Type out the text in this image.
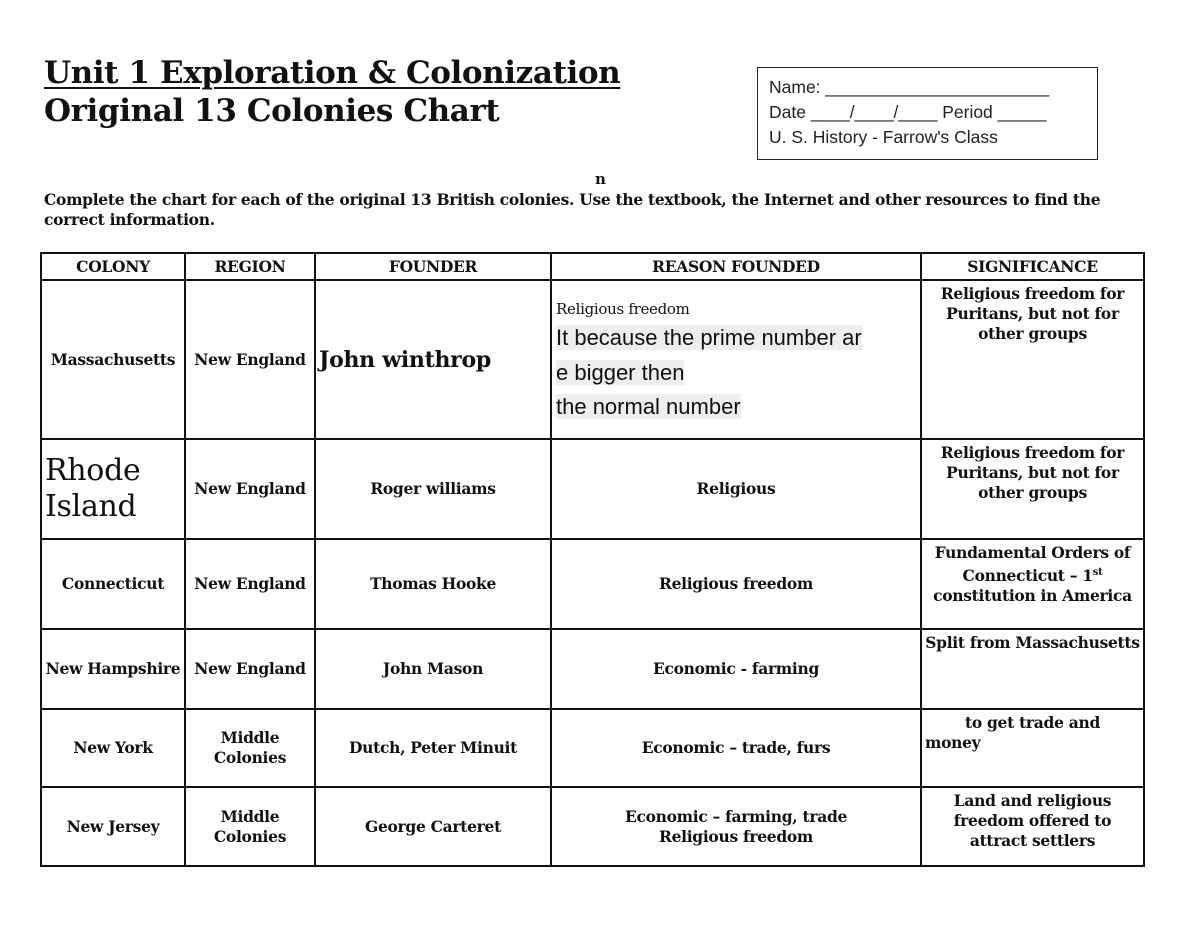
Unit 1 Exploration & Colonization
Original 13 Colonies Chart
Name: _______________________
Date ____/____/____ Period _____
U. S. History - Farrow's Class
n
Complete the chart for each of the original 13 British colonies. Use the textbook, the Internet and other resources to find the correct information.
COLONY	REGION	FOUNDER	REASON FOUNDED	SIGNIFICANCE
Massachusetts	New England	John winthrop	Religious freedom
It because the prime number ar
e bigger then
the normal number	Religious freedom for Puritans, but not for other groups
Rhode Island	New England	Roger williams	Religious	Religious freedom for Puritans, but not for other groups
Connecticut	New England	Thomas Hooke	Religious freedom	Fundamental Orders of Connecticut – 1st constitution in America
New Hampshire	New England	John Mason	Economic - farming	Split from Massachusetts
New York	Middle Colonies	Dutch, Peter Minuit	Economic – trade, furs	to get trade and
money

New Jersey	Middle Colonies	George Carteret	Economic – farming, trade
Religious freedom	Land and religious freedom offered to attract settlers
